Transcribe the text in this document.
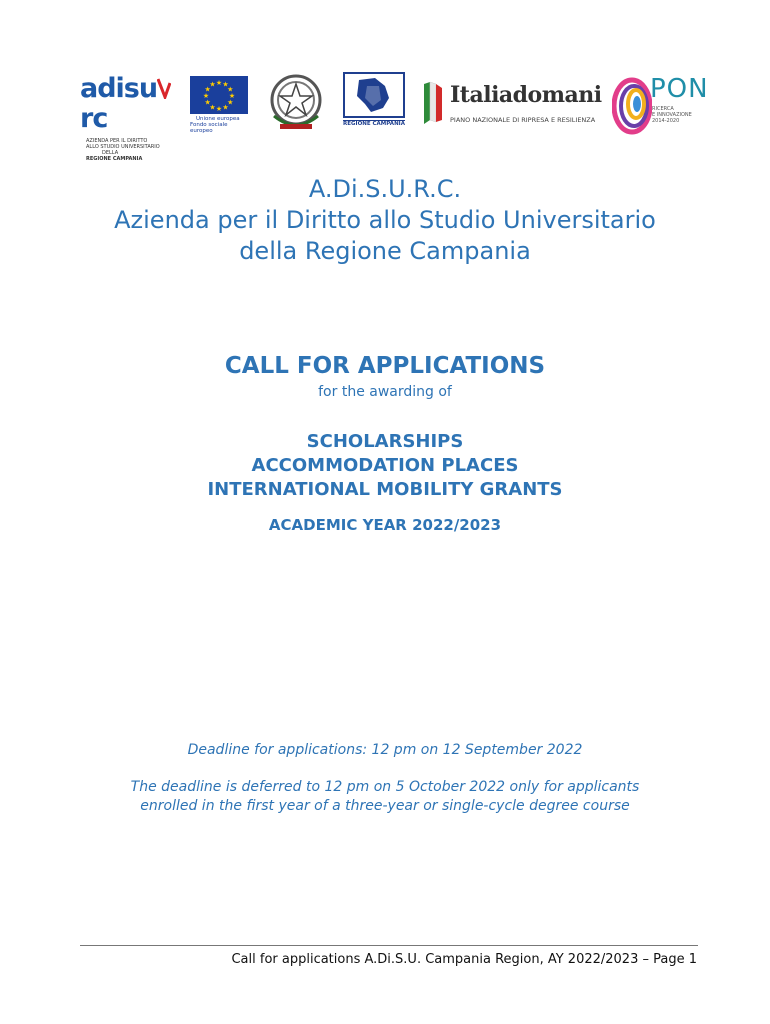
adisurc
AZIENDA PER IL DIRITTO
ALLO STUDIO UNIVERSITARIO
DELLA
REGIONE CAMPANIA
★ ★
★
★
★
★
★
★
★
★
★
★
Unione europea
Fondo sociale europeo
REGIONE CAMPANIA
Italiadomani
PIANO NAZIONALE DI RIPRESA E RESILIENZA
PON
RICERCA
E INNOVAZIONE
2014-2020

A.Di.S.U.R.C.

Azienda per il Diritto allo Studio Universitario

della Regione Campania

CALL FOR APPLICATIONS
for the awarding of
SCHOLARSHIPS
ACCOMMODATION PLACES
INTERNATIONAL MOBILITY GRANTS
ACADEMIC YEAR 2022/2023
Deadline for applications: 12 pm on 12 September 2022
The deadline is deferred to 12 pm on 5 October 2022 only for applicants
enrolled in the first year of a three-year or single-cycle degree course
Call for applications A.Di.S.U. Campania Region, AY 2022/2023 – Page 1
